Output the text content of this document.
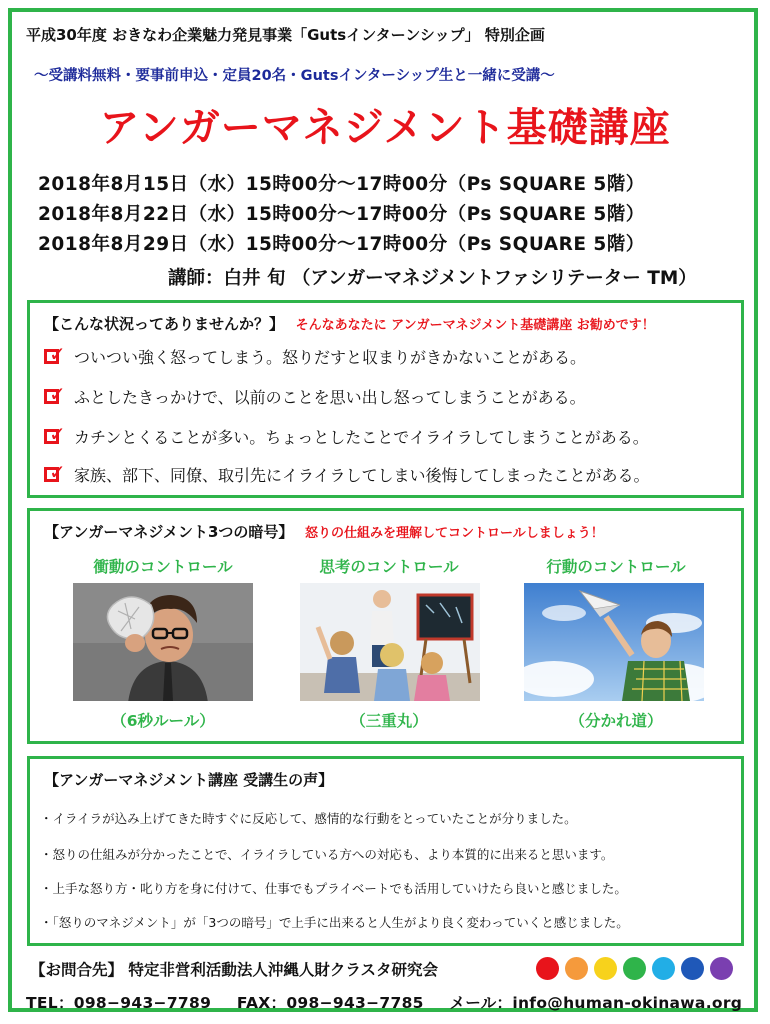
平成30年度 おきなわ企業魅力発見事業「Gutsインターンシップ」 特別企画
〜受講料無料・要事前申込・定員20名・Gutsインターシップ生と一緒に受講〜
アンガーマネジメント基礎講座
2018年8月15日（水）15時00分〜17時00分（Ps SQUARE 5階）
2018年8月22日（水）15時00分〜17時00分（Ps SQUARE 5階）
2018年8月29日（水）15時00分〜17時00分（Ps SQUARE 5階）
講師：白井 旬 （アンガーマネジメントファシリテーター TM）
【こんな状況ってありませんか？】 そんなあなたに アンガーマネジメント基礎講座 お勧めです！
✓ ついつい強く怒ってしまう。怒りだすと収まりがきかないことがある。
✓ ふとしたきっかけで、以前のことを思い出し怒ってしまうことがある。
✓ カチンとくることが多い。ちょっとしたことでイライラしてしまうことがある。
✓ 家族、部下、同僚、取引先にイライラしてしまい後悔してしまったことがある。
【アンガーマネジメント3つの暗号】 怒りの仕組みを理解してコントロールしましょう！
衝動のコントロール
（6秒ルール）
思考のコントロール
（三重丸）
行動のコントロール
（分かれ道）
【アンガーマネジメント講座 受講生の声】
・イライラが込み上げてきた時すぐに反応して、感情的な行動をとっていたことが分りました。
・怒りの仕組みが分かったことで、イライラしている方への対応も、より本質的に出来ると思います。
・上手な怒り方・叱り方を身に付けて、仕事でもプライベートでも活用していけたら良いと感じました。
・「怒りのマネジメント」が「3つの暗号」で上手に出来ると人生がより良く変わっていくと感じました。
【お問合先】 特定非営利活動法人沖縄人財クラスタ研究会
TEL：098−943−7789 FAX：098−943−7785 メール：info@human-okinawa.org
